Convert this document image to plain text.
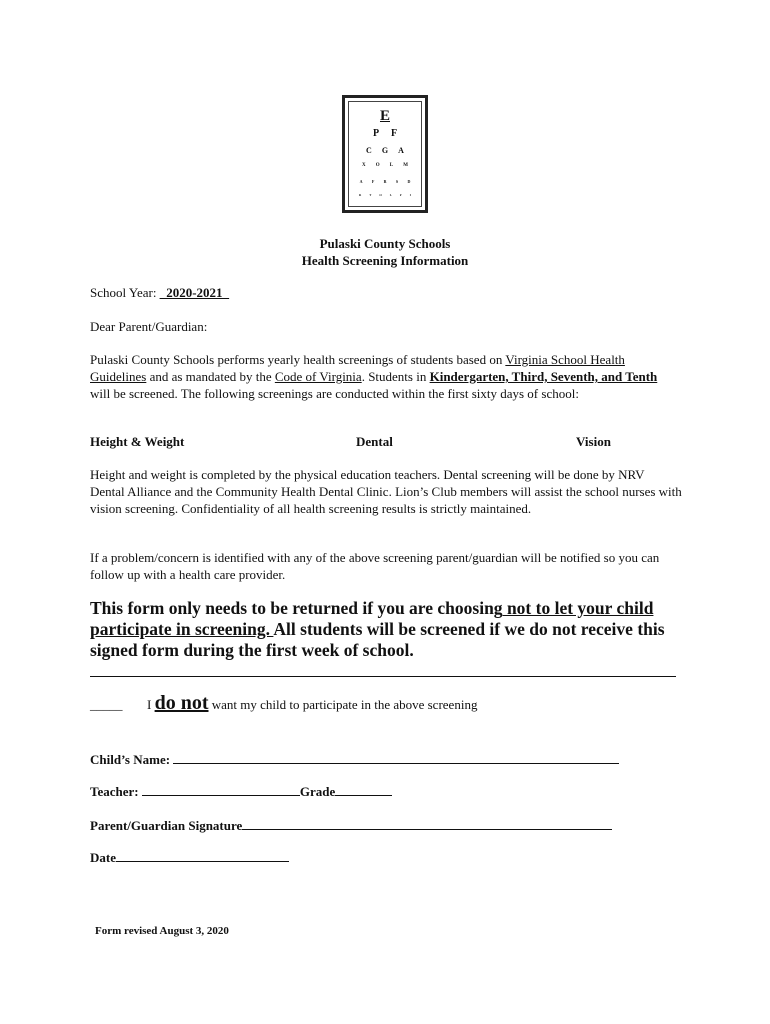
E
P F
C G A
X O L M
A F R S D
R	T	O	L	F	I
Pulaski County Schools
Health Screening Information
School Year: _2020-2021_
Dear Parent/Guardian:
Pulaski County Schools performs yearly health screenings of students based on Virginia School Health Guidelines and as mandated by the Code of Virginia. Students in Kindergarten, Third, Seventh, and Tenth will be screened. The following screenings are conducted within the first sixty days of school:
Height & Weight	Dental	Vision
Height and weight is completed by the physical education teachers. Dental screening will be done by NRV Dental Alliance and the Community Health Dental Clinic. Lion’s Club members will assist the school nurses with vision screening. Confidentiality of all health screening results is strictly maintained.
If a problem/concern is identified with any of the above screening parent/guardian will be notified so you can follow up with a health care provider.
This form only needs to be returned if you are choosing not to let your child participate in screening. All students will be screened if we do not receive this signed form during the first week of school.
_____ I do not want my child to participate in the above screening
Child’s Name:
Teacher:	Grade
Parent/Guardian Signature
Date
Form revised August 3, 2020
